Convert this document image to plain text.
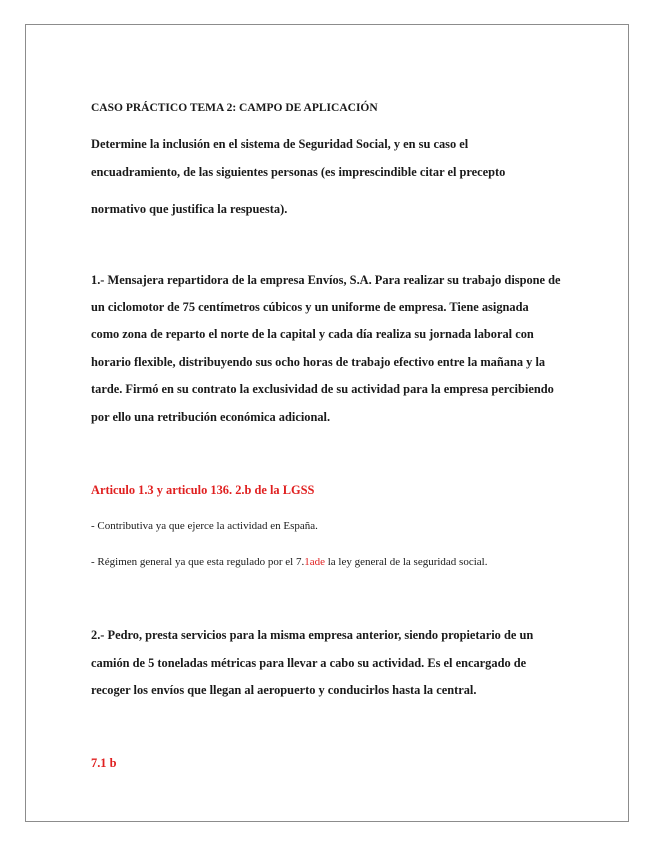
CASO PRÁCTICO TEMA 2: CAMPO DE APLICACIÓN
Determine la inclusión en el sistema de Seguridad Social, y en su caso el
encuadramiento, de las siguientes personas (es imprescindible citar el precepto
normativo que justifica la respuesta).
1.- Mensajera repartidora de la empresa Envíos, S.A. Para realizar su trabajo dispone de
un ciclomotor de 75 centímetros cúbicos y un uniforme de empresa. Tiene asignada
como zona de reparto el norte de la capital y cada día realiza su jornada laboral con
horario flexible, distribuyendo sus ocho horas de trabajo efectivo entre la mañana y la
tarde. Firmó en su contrato la exclusividad de su actividad para la empresa percibiendo
por ello una retribución económica adicional.
Articulo 1.3 y articulo 136. 2.b de la LGSS
- Contributiva ya que ejerce la actividad en España.
- Régimen general ya que esta regulado por el 7.1ade la ley general de la seguridad social.
2.- Pedro, presta servicios para la misma empresa anterior, siendo propietario de un
camión de 5 toneladas métricas para llevar a cabo su actividad. Es el encargado de
recoger los envíos que llegan al aeropuerto y conducirlos hasta la central.
7.1 b
